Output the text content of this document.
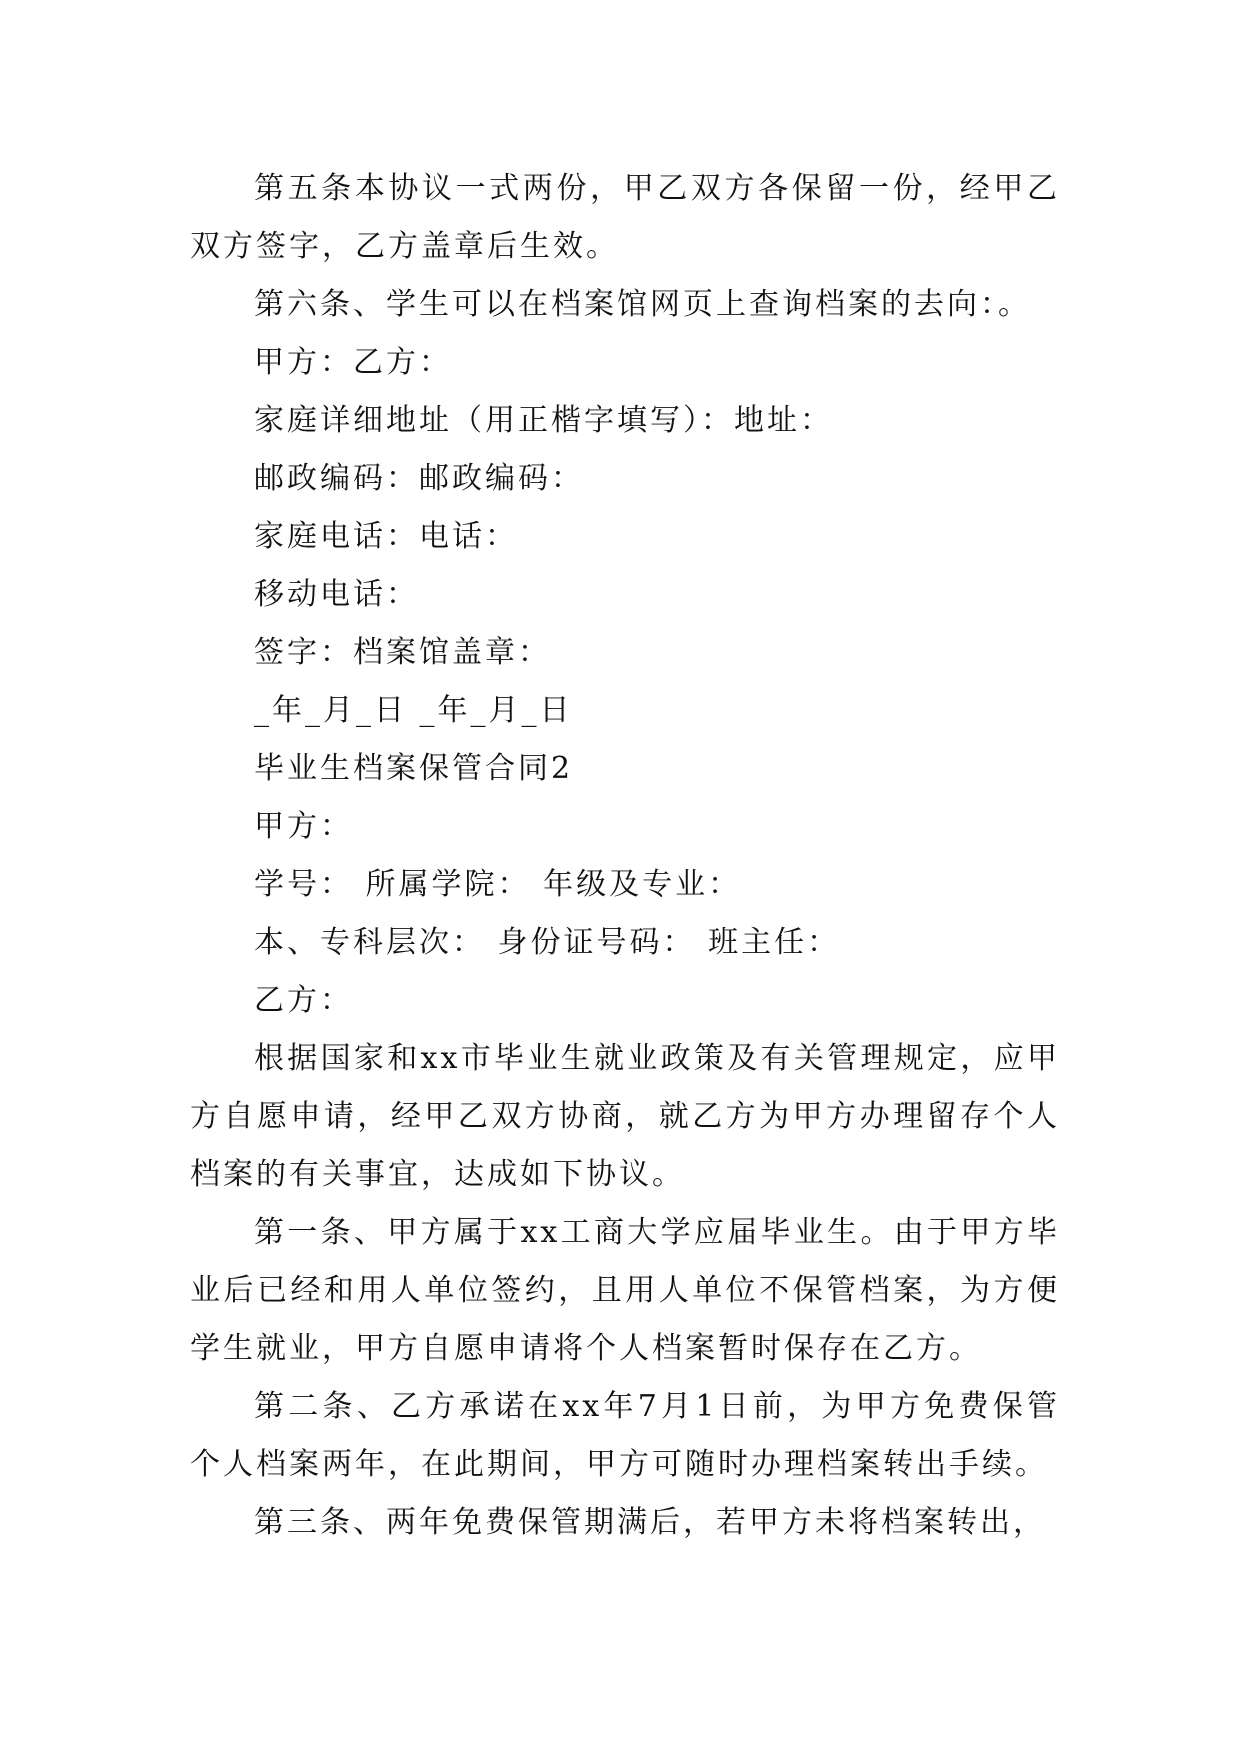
第五条本协议一式两份，甲乙双方各保留一份，经甲乙双方签字，乙方盖章后生效。

第六条、学生可以在档案馆网页上查询档案的去向：。

甲方：乙方：

家庭详细地址（用正楷字填写）：地址：

邮政编码：邮政编码：

家庭电话：电话：

移动电话：

签字：档案馆盖章：

_年_月_日 _年_月_日

毕业生档案保管合同2

甲方：

学号： 所属学院： 年级及专业：

本、专科层次： 身份证号码： 班主任：

乙方：

根据国家和xx市毕业生就业政策及有关管理规定，应甲方自愿申请，经甲乙双方协商，就乙方为甲方办理留存个人档案的有关事宜，达成如下协议。

第一条、甲方属于xx工商大学应届毕业生。由于甲方毕业后已经和用人单位签约，且用人单位不保管档案，为方便学生就业，甲方自愿申请将个人档案暂时保存在乙方。

第二条、乙方承诺在xx年7月1日前，为甲方免费保管个人档案两年，在此期间，甲方可随时办理档案转出手续。

第三条、两年免费保管期满后，若甲方未将档案转出，
